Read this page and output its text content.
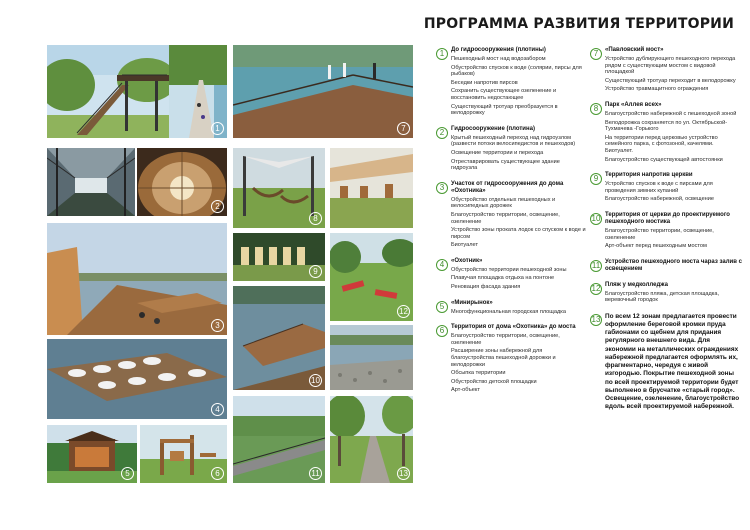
ПРОГРАММА РАЗВИТИЯ ТЕРРИТОРИИ
1
2
3
4
5	6
7
8
9
12
10
11	13
1	До гидросооружения (плотины)
Пешеходный мост над водозабором
Обустройство спусков к воде (солярии, пирсы для рыбаков)
Беседки напротив пирсов
Сохранить существующее озеленение и восстановить недостающее
Существующий тротуар преобразуется в велодорожку
2	Гидросооружение (плотина)
Крытый пешеходный переход над гидроузлом (развести потоки велосипедистов и пешеходов)
Освещение территории и перехода
Отреставрировать существующее здание гидроузла
3	Участок от гидросооружения до дома «Охотника»
Обустройство отдельных пешеходных и велосипедных дорожек
Благоустройство территории, освещение, озеленение
Устройство зоны проката лодок со спуском к воде и пирсом
Биотуалет
4	«Охотник»
Обустройство территории пешеходной зоны
Плавучая площадка отдыха на понтоне
Реновация фасада здания
5	«Минирынок»
Многофункциональная городская площадка
6	Территория от дома «Охотника» до моста
Благоустройство территории, освещение, озеленение
Расширение зоны набережной для благоустройства пешеходной дорожки и велодорожки
Обсыпка территории
Обустройство детской площадки
Арт-объект
7	«Павловский мост»
Устройство дублирующего пешеходного перехода рядом с существующим мостом с видовой площадкой
Существующий тротуар переходит в велодорожку
Устройство травмащитного ограждения
8	Парк «Аллея всех»
Благоустройство набережной с пешеходной зоной
Велодорожка сохраняется по ул. Октябрьской- Тухмачева -Горького
На территории перед церковью устройство семейного парка, с фотозоной, качелями. Биотуалет.
Благоустройство существующей автостоянки
9	Территория напротив церкви
Устройство спусков к воде с пирсами для проведения зимних купаний
Благоустройство набережной, освещение
10 Территория от церкви до проектируемого пешеходного мостика
Благоустройство территории, освещение, озеленение
Арт-объект перед пешеходным мостом
11 Устройство пешеходного моста чараз залив с освещением
12 Пляж у медколледжа
Благоустройство пляжа, детская площадка, веревочный городок
13 По всем 12 зонам предлагается провести оформление береговой кромки пруда габионами со щебнем для придания регулярного внешнего вида. Для экономии на металлических ограждениях набережной предлагается оформлять их, фрагментарно, чередуя с живой изгородью. Покрытие пешеходной зоны по всей проектируемой территории будет выполнено в брусчатке «старый город». Освещение, озеленение, благоустройство вдоль всей проектируемой набережной.
